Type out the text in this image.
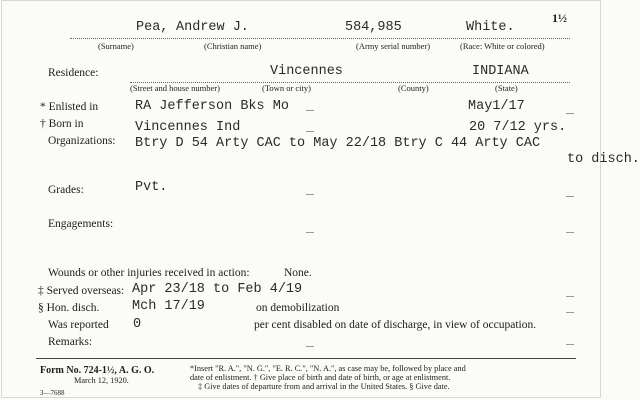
1½
Pea, Andrew J.	584,985	White.
(Surname)	(Christian name)	(Army serial number)	(Race: White or colored)
Residence:	Vincennes	INDIANA
(Street and house number)	(Town or city)	(County)	(State)
* Enlisted in	RA Jefferson Bks Mo	May1/17
† Born in	Vincennes Ind	20 7/12 yrs.
Organizations: Btry D 54 Arty CAC to May 22/18 Btry C 44 Arty CAC
to disch.
Grades:	Pvt.
Engagements:
Wounds or other injuries received in action:	None.
‡ Served overseas: Apr 23/18 to Feb 4/19
§ Hon. disch. Mch 17/19	on demobilization
Was reported 0	per cent disabled on date of discharge, in view of occupation.
Remarks:
Form No. 724-1½, A. G. O.
March 12, 1920.
3—7688
*Insert "R. A.", "N. G.", "E. R. C.", "N. A.", as case may be, followed by place and
date of enlistment. † Give place of birth and date of birth, or age at enlistment.
‡ Give dates of departure from and arrival in the United States. § Give date.
